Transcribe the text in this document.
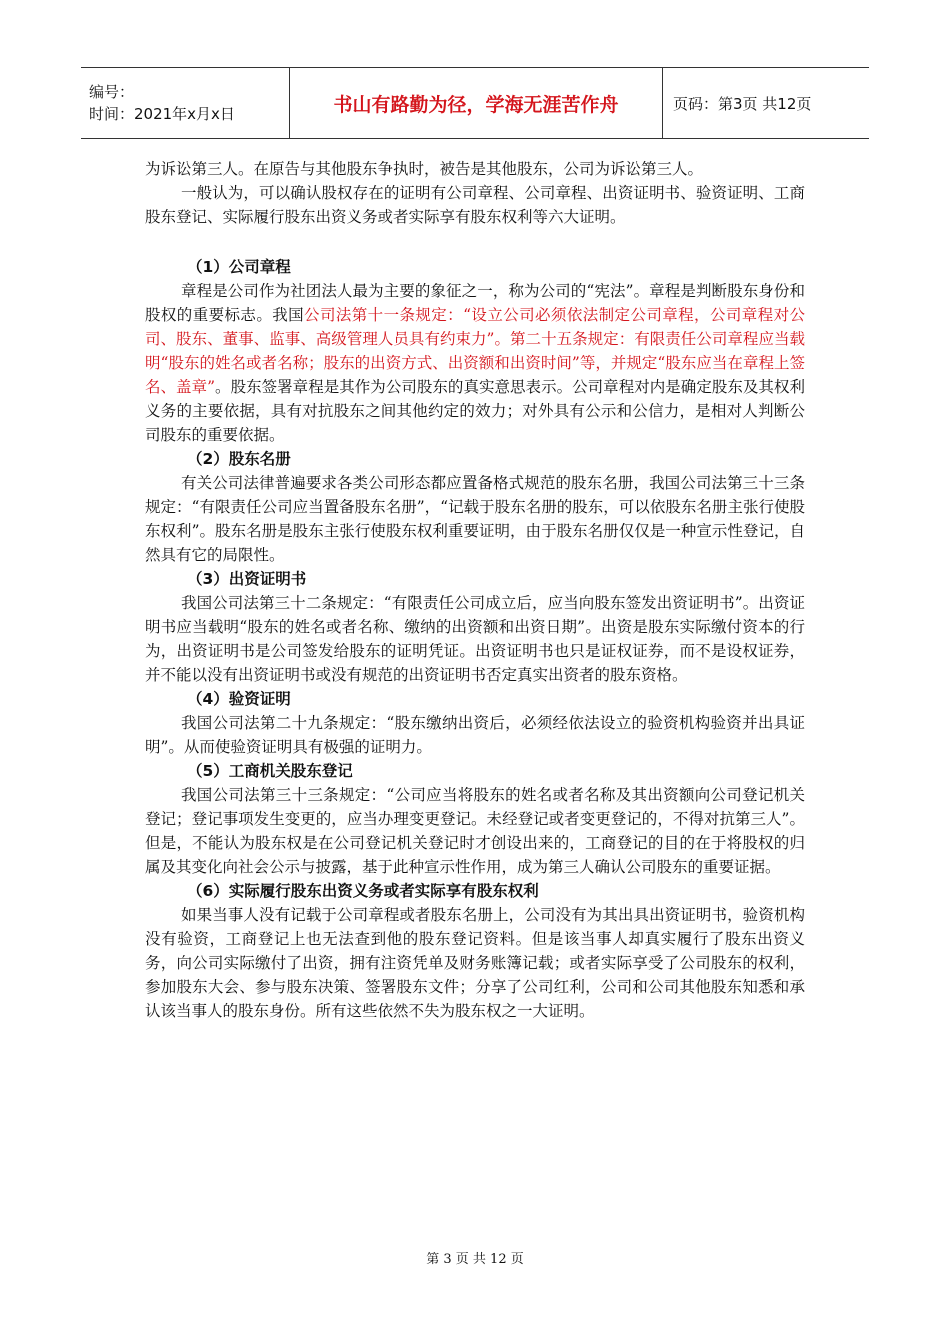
编号：
时间：2021年x月x日	书山有路勤为径，学海无涯苦作舟	页码：第3页 共12页

为诉讼第三人。在原告与其他股东争执时，被告是其他股东，公司为诉讼第三人。

一般认为，可以确认股权存在的证明有公司章程、公司章程、出资证明书、验资证明、工商股东登记、实际履行股东出资义务或者实际享有股东权利等六大证明。

（1）公司章程

章程是公司作为社团法人最为主要的象征之一，称为公司的“宪法”。章程是判断股东身份和股权的重要标志。我国公司法第十一条规定：“设立公司必须依法制定公司章程，公司章程对公司、股东、董事、监事、高级管理人员具有约束力”。第二十五条规定：有限责任公司章程应当载明“股东的姓名或者名称；股东的出资方式、出资额和出资时间”等，并规定“股东应当在章程上签名、盖章”。股东签署章程是其作为公司股东的真实意思表示。公司章程对内是确定股东及其权利义务的主要依据，具有对抗股东之间其他约定的效力；对外具有公示和公信力，是相对人判断公司股东的重要依据。

（2）股东名册

有关公司法律普遍要求各类公司形态都应置备格式规范的股东名册，我国公司法第三十三条规定：“有限责任公司应当置备股东名册”，“记载于股东名册的股东，可以依股东名册主张行使股东权利”。股东名册是股东主张行使股东权利重要证明，由于股东名册仅仅是一种宣示性登记，自然具有它的局限性。

（3）出资证明书

我国公司法第三十二条规定：“有限责任公司成立后，应当向股东签发出资证明书”。出资证明书应当载明“股东的姓名或者名称、缴纳的出资额和出资日期”。出资是股东实际缴付资本的行为，出资证明书是公司签发给股东的证明凭证。出资证明书也只是证权证券，而不是设权证券，并不能以没有出资证明书或没有规范的出资证明书否定真实出资者的股东资格。

（4）验资证明

我国公司法第二十九条规定：“股东缴纳出资后，必须经依法设立的验资机构验资并出具证明”。从而使验资证明具有极强的证明力。

（5）工商机关股东登记

我国公司法第三十三条规定：“公司应当将股东的姓名或者名称及其出资额向公司登记机关登记；登记事项发生变更的，应当办理变更登记。未经登记或者变更登记的，不得对抗第三人”。但是，不能认为股东权是在公司登记机关登记时才创设出来的，工商登记的目的在于将股权的归属及其变化向社会公示与披露，基于此种宣示性作用，成为第三人确认公司股东的重要证据。

（6）实际履行股东出资义务或者实际享有股东权利

如果当事人没有记载于公司章程或者股东名册上，公司没有为其出具出资证明书，验资机构没有验资，工商登记上也无法查到他的股东登记资料。但是该当事人却真实履行了股东出资义务，向公司实际缴付了出资，拥有注资凭单及财务账簿记载；或者实际享受了公司股东的权利，参加股东大会、参与股东决策、签署股东文件；分享了公司红利，公司和公司其他股东知悉和承认该当事人的股东身份。所有这些依然不失为股东权之一大证明。

第 3 页 共 12 页
